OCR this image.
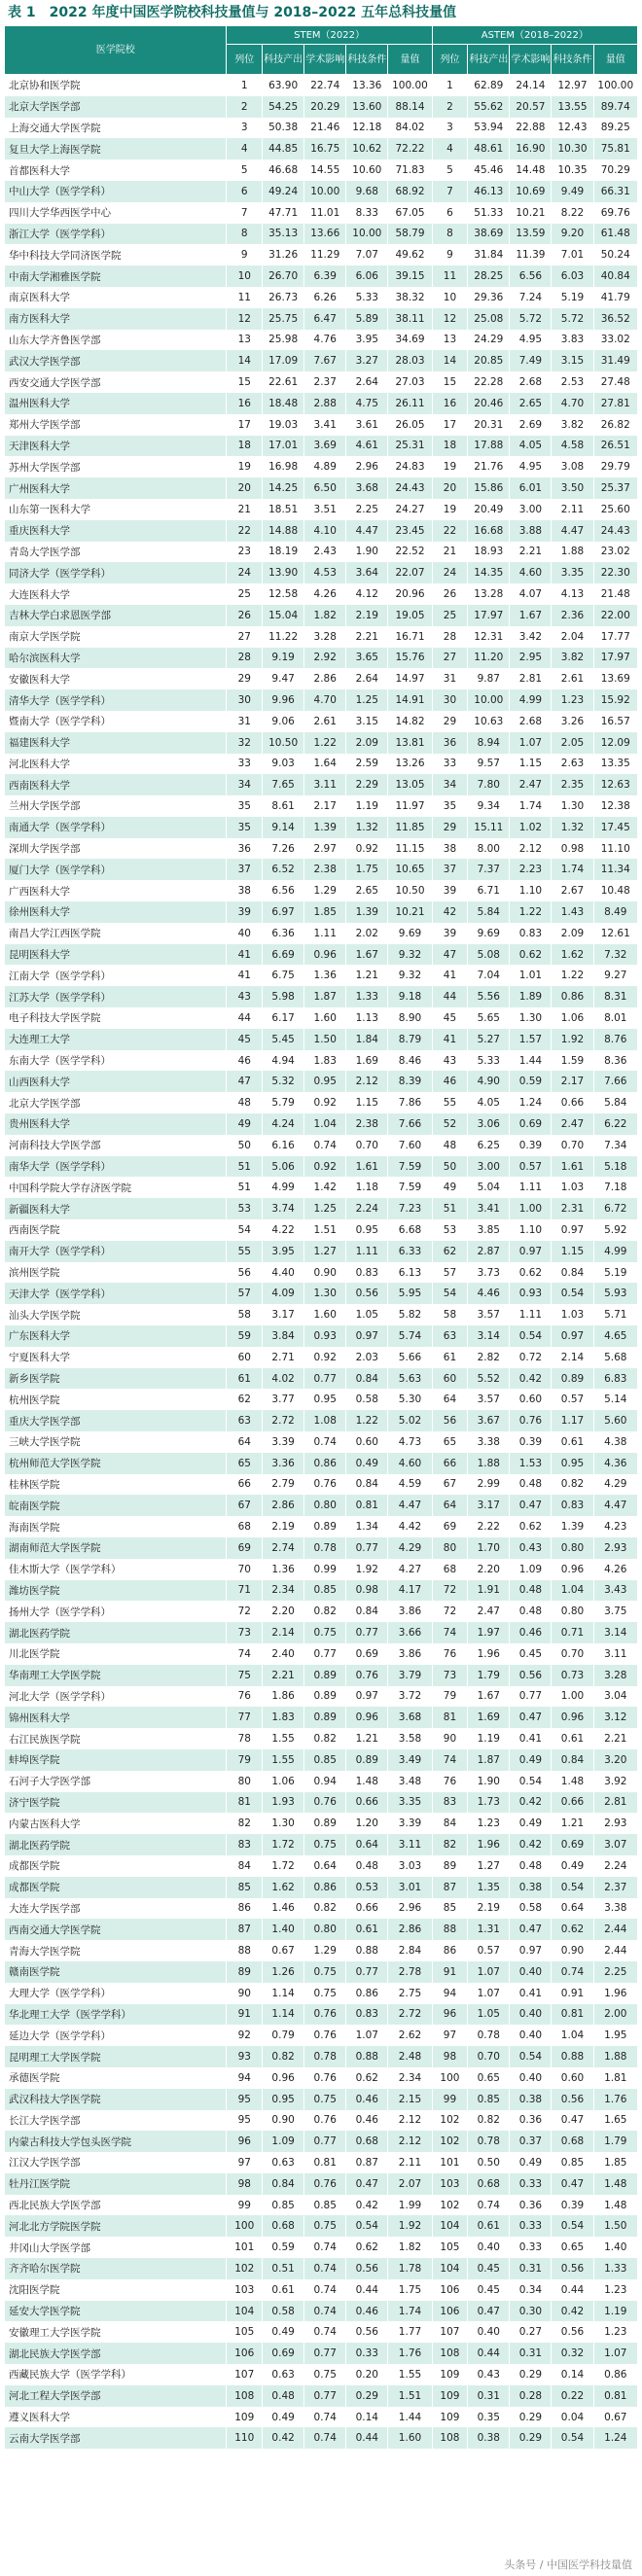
表 1　2022 年度中国医学院校科技量值与 2018–2022 五年总科技量值
医学院校	STEM（2022）					ASTEM（2018–2022）				
	列位	科技产出	学术影响	科技条件	量值	列位	科技产出	学术影响	科技条件	量值
北京协和医学院	1	63.90	22.74	13.36	100.00	1	62.89	24.14	12.97	100.00
北京大学医学部	2	54.25	20.29	13.60	88.14	2	55.62	20.57	13.55	89.74
上海交通大学医学院	3	50.38	21.46	12.18	84.02	3	53.94	22.88	12.43	89.25
复旦大学上海医学院	4	44.85	16.75	10.62	72.22	4	48.61	16.90	10.30	75.81
首都医科大学	5	46.68	14.55	10.60	71.83	5	45.46	14.48	10.35	70.29
中山大学（医学学科）	6	49.24	10.00	9.68	68.92	7	46.13	10.69	9.49	66.31
四川大学华西医学中心	7	47.71	11.01	8.33	67.05	6	51.33	10.21	8.22	69.76
浙江大学（医学学科）	8	35.13	13.66	10.00	58.79	8	38.69	13.59	9.20	61.48
华中科技大学同济医学院	9	31.26	11.29	7.07	49.62	9	31.84	11.39	7.01	50.24
中南大学湘雅医学院	10	26.70	6.39	6.06	39.15	11	28.25	6.56	6.03	40.84
南京医科大学	11	26.73	6.26	5.33	38.32	10	29.36	7.24	5.19	41.79
南方医科大学	12	25.75	6.47	5.89	38.11	12	25.08	5.72	5.72	36.52
山东大学齐鲁医学部	13	25.98	4.76	3.95	34.69	13	24.29	4.95	3.83	33.02
武汉大学医学部	14	17.09	7.67	3.27	28.03	14	20.85	7.49	3.15	31.49
西安交通大学医学部	15	22.61	2.37	2.64	27.03	15	22.28	2.68	2.53	27.48
温州医科大学	16	18.48	2.88	4.75	26.11	16	20.46	2.65	4.70	27.81
郑州大学医学部	17	19.03	3.41	3.61	26.05	17	20.31	2.69	3.82	26.82
天津医科大学	18	17.01	3.69	4.61	25.31	18	17.88	4.05	4.58	26.51
苏州大学医学部	19	16.98	4.89	2.96	24.83	19	21.76	4.95	3.08	29.79
广州医科大学	20	14.25	6.50	3.68	24.43	20	15.86	6.01	3.50	25.37
山东第一医科大学	21	18.51	3.51	2.25	24.27	19	20.49	3.00	2.11	25.60
重庆医科大学	22	14.88	4.10	4.47	23.45	22	16.68	3.88	4.47	24.43
青岛大学医学部	23	18.19	2.43	1.90	22.52	21	18.93	2.21	1.88	23.02
同济大学（医学学科）	24	13.90	4.53	3.64	22.07	24	14.35	4.60	3.35	22.30
大连医科大学	25	12.58	4.26	4.12	20.96	26	13.28	4.07	4.13	21.48
吉林大学白求恩医学部	26	15.04	1.82	2.19	19.05	25	17.97	1.67	2.36	22.00
南京大学医学院	27	11.22	3.28	2.21	16.71	28	12.31	3.42	2.04	17.77
哈尔滨医科大学	28	9.19	2.92	3.65	15.76	27	11.20	2.95	3.82	17.97
安徽医科大学	29	9.47	2.86	2.64	14.97	31	9.87	2.81	2.61	13.69
清华大学（医学学科）	30	9.96	4.70	1.25	14.91	30	10.00	4.99	1.23	15.92
暨南大学（医学学科）	31	9.06	2.61	3.15	14.82	29	10.63	2.68	3.26	16.57
福建医科大学	32	10.50	1.22	2.09	13.81	36	8.94	1.07	2.05	12.09
河北医科大学	33	9.03	1.64	2.59	13.26	33	9.57	1.15	2.63	13.35
西南医科大学	34	7.65	3.11	2.29	13.05	34	7.80	2.47	2.35	12.63
兰州大学医学部	35	8.61	2.17	1.19	11.97	35	9.34	1.74	1.30	12.38
南通大学（医学学科）	35	9.14	1.39	1.32	11.85	29	15.11	1.02	1.32	17.45
深圳大学医学部	36	7.26	2.97	0.92	11.15	38	8.00	2.12	0.98	11.10
厦门大学（医学学科）	37	6.52	2.38	1.75	10.65	37	7.37	2.23	1.74	11.34
广西医科大学	38	6.56	1.29	2.65	10.50	39	6.71	1.10	2.67	10.48
徐州医科大学	39	6.97	1.85	1.39	10.21	42	5.84	1.22	1.43	8.49
南昌大学江西医学院	40	6.36	1.11	2.02	9.69	39	9.69	0.83	2.09	12.61
昆明医科大学	41	6.69	0.96	1.67	9.32	47	5.08	0.62	1.62	7.32
江南大学（医学学科）	41	6.75	1.36	1.21	9.32	41	7.04	1.01	1.22	9.27
江苏大学（医学学科）	43	5.98	1.87	1.33	9.18	44	5.56	1.89	0.86	8.31
电子科技大学医学院	44	6.17	1.60	1.13	8.90	45	5.65	1.30	1.06	8.01
大连理工大学	45	5.45	1.50	1.84	8.79	41	5.27	1.57	1.92	8.76
东南大学（医学学科）	46	4.94	1.83	1.69	8.46	43	5.33	1.44	1.59	8.36
山西医科大学	47	5.32	0.95	2.12	8.39	46	4.90	0.59	2.17	7.66
北京大学医学部	48	5.79	0.92	1.15	7.86	55	4.05	1.24	0.66	5.84
贵州医科大学	49	4.24	1.04	2.38	7.66	52	3.06	0.69	2.47	6.22
河南科技大学医学部	50	6.16	0.74	0.70	7.60	48	6.25	0.39	0.70	7.34
南华大学（医学学科）	51	5.06	0.92	1.61	7.59	50	3.00	0.57	1.61	5.18
中国科学院大学存济医学院	51	4.99	1.42	1.18	7.59	49	5.04	1.11	1.03	7.18
新疆医科大学	53	3.74	1.25	2.24	7.23	51	3.41	1.00	2.31	6.72
西南医学院	54	4.22	1.51	0.95	6.68	53	3.85	1.10	0.97	5.92
南开大学（医学学科）	55	3.95	1.27	1.11	6.33	62	2.87	0.97	1.15	4.99
滨州医学院	56	4.40	0.90	0.83	6.13	57	3.73	0.62	0.84	5.19
天津大学（医学学科）	57	4.09	1.30	0.56	5.95	54	4.46	0.93	0.54	5.93
汕头大学医学院	58	3.17	1.60	1.05	5.82	58	3.57	1.11	1.03	5.71
广东医科大学	59	3.84	0.93	0.97	5.74	63	3.14	0.54	0.97	4.65
宁夏医科大学	60	2.71	0.92	2.03	5.66	61	2.82	0.72	2.14	5.68
新乡医学院	61	4.02	0.77	0.84	5.63	60	5.52	0.42	0.89	6.83
杭州医学院	62	3.77	0.95	0.58	5.30	64	3.57	0.60	0.57	5.14
重庆大学医学部	63	2.72	1.08	1.22	5.02	56	3.67	0.76	1.17	5.60
三峡大学医学院	64	3.39	0.74	0.60	4.73	65	3.38	0.39	0.61	4.38
杭州师范大学医学院	65	3.36	0.86	0.49	4.60	66	1.88	1.53	0.95	4.36
桂林医学院	66	2.79	0.76	0.84	4.59	67	2.99	0.48	0.82	4.29
皖南医学院	67	2.86	0.80	0.81	4.47	64	3.17	0.47	0.83	4.47
海南医学院	68	2.19	0.89	1.34	4.42	69	2.22	0.62	1.39	4.23
湖南师范大学医学院	69	2.74	0.78	0.77	4.29	80	1.70	0.43	0.80	2.93
佳木斯大学（医学学科）	70	1.36	0.99	1.92	4.27	68	2.20	1.09	0.96	4.26
潍坊医学院	71	2.34	0.85	0.98	4.17	72	1.91	0.48	1.04	3.43
扬州大学（医学学科）	72	2.20	0.82	0.84	3.86	72	2.47	0.48	0.80	3.75
湖北医药学院	73	2.14	0.75	0.77	3.66	74	1.97	0.46	0.71	3.14
川北医学院	74	2.40	0.77	0.69	3.86	76	1.96	0.45	0.70	3.11
华南理工大学医学院	75	2.21	0.89	0.76	3.79	73	1.79	0.56	0.73	3.28
河北大学（医学学科）	76	1.86	0.89	0.97	3.72	79	1.67	0.77	1.00	3.04
锦州医科大学	77	1.83	0.89	0.96	3.68	81	1.69	0.47	0.96	3.12
右江民族医学院	78	1.55	0.82	1.21	3.58	90	1.19	0.41	0.61	2.21
蚌埠医学院	79	1.55	0.85	0.89	3.49	74	1.87	0.49	0.84	3.20
石河子大学医学部	80	1.06	0.94	1.48	3.48	76	1.90	0.54	1.48	3.92
济宁医学院	81	1.93	0.76	0.66	3.35	83	1.73	0.42	0.66	2.81
内蒙古医科大学	82	1.30	0.89	1.20	3.39	84	1.23	0.49	1.21	2.93
湖北医药学院	83	1.72	0.75	0.64	3.11	82	1.96	0.42	0.69	3.07
成都医学院	84	1.72	0.64	0.48	3.03	89	1.27	0.48	0.49	2.24
成都医学院	85	1.62	0.86	0.53	3.01	87	1.35	0.38	0.54	2.37
大连大学医学部	86	1.46	0.82	0.66	2.96	85	2.19	0.58	0.64	3.38
西南交通大学医学院	87	1.40	0.80	0.61	2.86	88	1.31	0.47	0.62	2.44
青海大学医学院	88	0.67	1.29	0.88	2.84	86	0.57	0.97	0.90	2.44
赣南医学院	89	1.26	0.75	0.77	2.78	91	1.07	0.40	0.74	2.25
大理大学（医学学科）	90	1.14	0.75	0.86	2.75	94	1.07	0.41	0.91	1.96
华北理工大学（医学学科）	91	1.14	0.76	0.83	2.72	96	1.05	0.40	0.81	2.00
延边大学（医学学科）	92	0.79	0.76	1.07	2.62	97	0.78	0.40	1.04	1.95
昆明理工大学医学院	93	0.82	0.78	0.88	2.48	98	0.70	0.54	0.88	1.88
承德医学院	94	0.96	0.76	0.62	2.34	100	0.65	0.40	0.60	1.81
武汉科技大学医学院	95	0.95	0.75	0.46	2.15	99	0.85	0.38	0.56	1.76
长江大学医学部	95	0.90	0.76	0.46	2.12	102	0.82	0.36	0.47	1.65
内蒙古科技大学包头医学院	96	1.09	0.77	0.68	2.12	102	0.78	0.37	0.68	1.79
江汉大学医学部	97	0.63	0.81	0.87	2.11	101	0.50	0.49	0.85	1.85
牡丹江医学院	98	0.84	0.76	0.47	2.07	103	0.68	0.33	0.47	1.48
西北民族大学医学部	99	0.85	0.85	0.42	1.99	102	0.74	0.36	0.39	1.48
河北北方学院医学院	100	0.68	0.75	0.54	1.92	104	0.61	0.33	0.54	1.50
井冈山大学医学部	101	0.59	0.74	0.62	1.82	105	0.40	0.33	0.65	1.40
齐齐哈尔医学院	102	0.51	0.74	0.56	1.78	104	0.45	0.31	0.56	1.33
沈阳医学院	103	0.61	0.74	0.44	1.75	106	0.45	0.34	0.44	1.23
延安大学医学院	104	0.58	0.74	0.46	1.74	106	0.47	0.30	0.42	1.19
安徽理工大学医学院	105	0.49	0.74	0.56	1.77	107	0.40	0.27	0.56	1.23
湖北民族大学医学部	106	0.69	0.77	0.33	1.76	108	0.44	0.31	0.32	1.07
西藏民族大学（医学学科）	107	0.63	0.75	0.20	1.55	109	0.43	0.29	0.14	0.86
河北工程大学医学部	108	0.48	0.77	0.29	1.51	109	0.31	0.28	0.22	0.81
遵义医科大学	109	0.49	0.74	0.14	1.44	109	0.35	0.29	0.04	0.67
云南大学医学部	110	0.42	0.74	0.44	1.60	108	0.38	0.29	0.54	1.24
头条号 / 中国医学科技量值
